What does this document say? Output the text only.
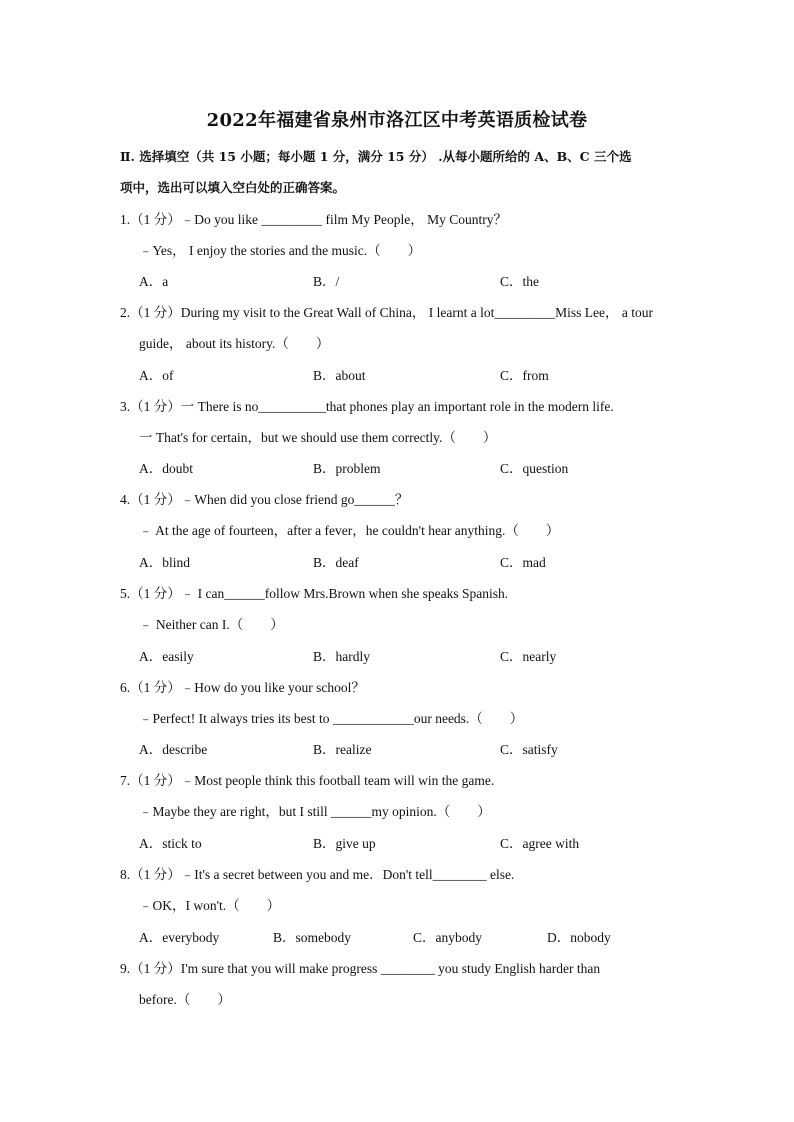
2022年福建省泉州市洛江区中考英语质检试卷
Ⅱ. 选择填空（共 15 小题；每小题 1 分，满分 15 分） .从每小题所给的 A、B、C 三个选
项中，选出可以填入空白处的正确答案。
1.（1 分）﹣Do you like _________ film My People， My Country？
﹣Yes， I enjoy the stories and the music.（　　）
A．a	B．/	C．the
2.（1 分）During my visit to the Great Wall of China， I learnt a lot_________Miss Lee， a tour
guide， about its history.（　　）
A．of	B．about	C．from
3.（1 分）一 There is no__________that phones play an important role in the modern life.
一 That's for certain，but we should use them correctly.（　　）
A．doubt	B．problem	C．question
4.（1 分）﹣When did you close friend go______？
﹣ At the age of fourteen，after a fever，he couldn't hear anything.（　　）
A．blind	B．deaf	C．mad
5.（1 分）﹣ I can______follow Mrs.Brown when she speaks Spanish.
﹣ Neither can I.（　　）
A．easily	B．hardly	C．nearly
6.（1 分）﹣How do you like your school？
﹣Perfect! It always tries its best to ____________our needs.（　　）
A．describe	B．realize	C．satisfy
7.（1 分）﹣Most people think this football team will win the game.
﹣Maybe they are right，but I still ______my opinion.（　　）
A．stick to	B．give up	C．agree with
8.（1 分）﹣It's a secret between you and me．Don't tell________ else.
﹣OK，I won't.（　　）
A．everybody	B．somebody	C．anybody	D．nobody
9.（1 分）I'm sure that you will make progress ________ you study English harder than
before.（　　）
